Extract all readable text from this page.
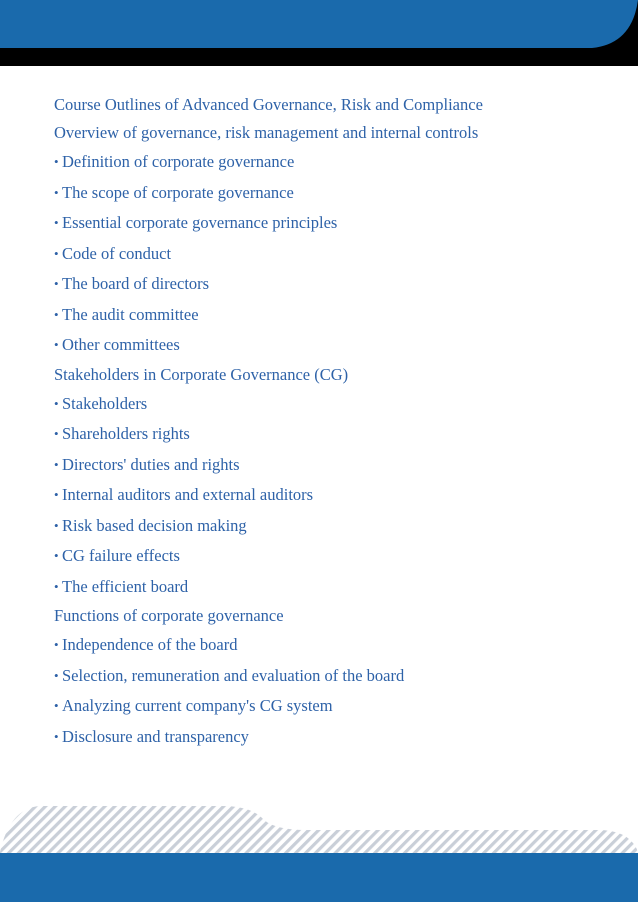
Course Outlines of Advanced Governance, Risk and Compliance
Overview of governance, risk management and internal controls
• Definition of corporate governance
• The scope of corporate governance
• Essential corporate governance principles
• Code of conduct
• The board of directors
• The audit committee
• Other committees
Stakeholders in Corporate Governance (CG)
• Stakeholders
• Shareholders rights
• Directors' duties and rights
• Internal auditors and external auditors
• Risk based decision making
• CG failure effects
• The efficient board
Functions of corporate governance
• Independence of the board
• Selection, remuneration and evaluation of the board
• Analyzing current company's CG system
• Disclosure and transparency
